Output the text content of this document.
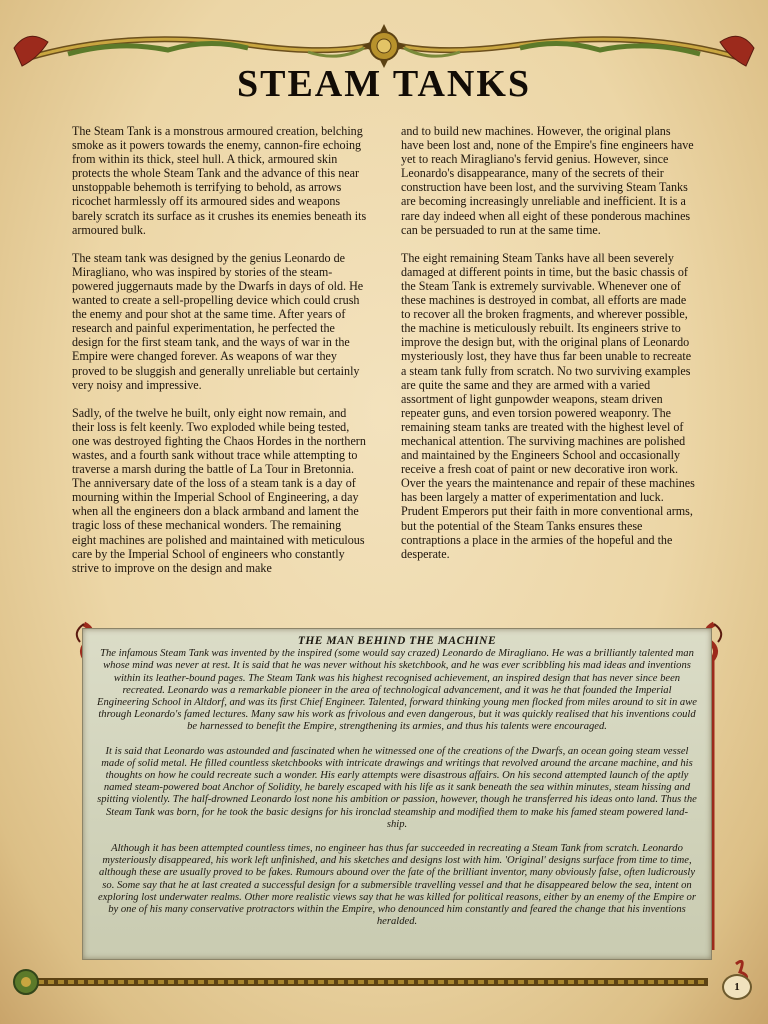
STEAM TANKS

The Steam Tank is a monstrous armoured creation, belching smoke as it powers towards the enemy, cannon-fire echoing from within its thick, steel hull. A thick, armoured skin protects the whole Steam Tank and the advance of this near unstoppable behemoth is terrifying to behold, as arrows ricochet harmlessly off its armoured sides and weapons barely scratch its surface as it crushes its enemies beneath its armoured bulk.

The steam tank was designed by the genius Leonardo de Miragliano, who was inspired by stories of the steam-powered juggernauts made by the Dwarfs in days of old. He wanted to create a sell-propelling device which could crush the enemy and pour shot at the same time. After years of research and painful experimentation, he perfected the design for the first steam tank, and the ways of war in the Empire were changed forever. As weapons of war they proved to be sluggish and generally unreliable but certainly very noisy and impressive.

Sadly, of the twelve he built, only eight now remain, and their loss is felt keenly. Two exploded while being tested, one was destroyed fighting the Chaos Hordes in the northern wastes, and a fourth sank without trace while attempting to traverse a marsh during the battle of La Tour in Bretonnia. The anniversary date of the loss of a steam tank is a day of mourning within the Imperial School of Engineering, a day when all the engineers don a black armband and lament the tragic loss of these mechanical wonders. The remaining eight machines are polished and maintained with meticulous care by the Imperial School of engineers who constantly strive to improve on the design and make

and to build new machines. However, the original plans have been lost and, none of the Empire's fine engineers have yet to reach Miragliano's fervid genius. However, since Leonardo's disappearance, many of the secrets of their construction have been lost, and the surviving Steam Tanks are becoming increasingly unreliable and inefficient. It is a rare day indeed when all eight of these ponderous machines can be persuaded to run at the same time.

The eight remaining Steam Tanks have all been severely damaged at different points in time, but the basic chassis of the Steam Tank is extremely survivable. Whenever one of these machines is destroyed in combat, all efforts are made to recover all the broken fragments, and wherever possible, the machine is meticulously rebuilt. Its engineers strive to improve the design but, with the original plans of Leonardo mysteriously lost, they have thus far been unable to recreate a steam tank fully from scratch. No two surviving examples are quite the same and they are armed with a varied assortment of light gunpowder weapons, steam driven repeater guns, and even torsion powered weaponry. The remaining steam tanks are treated with the highest level of mechanical attention. The surviving machines are polished and maintained by the Engineers School and occasionally receive a fresh coat of paint or new decorative iron work. Over the years the maintenance and repair of these machines has been largely a matter of experimentation and luck. Prudent Emperors put their faith in more conventional arms, but the potential of the Steam Tanks ensures these contraptions a place in the armies of the hopeful and the desperate.

THE MAN BEHIND THE MACHINE

The infamous Steam Tank was invented by the inspired (some would say crazed) Leonardo de Miragliano. He was a brilliantly talented man whose mind was never at rest. It is said that he was never without his sketchbook, and he was ever scribbling his mad ideas and inventions within its leather-bound pages. The Steam Tank was his highest recognised achievement, an inspired design that has never since been recreated. Leonardo was a remarkable pioneer in the area of technological advancement, and it was he that founded the Imperial Engineering School in Altdorf, and was its first Chief Engineer. Talented, forward thinking young men flocked from miles around to sit in awe through Leonardo's famed lectures. Many saw his work as frivolous and even dangerous, but it was quickly realised that his inventions could be harnessed to benefit the Empire, strengthening its armies, and thus his talents were encouraged.

It is said that Leonardo was astounded and fascinated when he witnessed one of the creations of the Dwarfs, an ocean going steam vessel made of solid metal. He filled countless sketchbooks with intricate drawings and writings that revolved around the arcane machine, and his thoughts on how he could recreate such a wonder. His early attempts were disastrous affairs. On his second attempted launch of the aptly named steam-powered boat Anchor of Solidity, he barely escaped with his life as it sank beneath the sea within minutes, steam hissing and spitting violently. The half-drowned Leonardo lost none his ambition or passion, however, though he transferred his ideas onto land. Thus the Steam Tank was born, for he took the basic designs for his ironclad steamship and modified them to make his famed steam powered land-ship.

Although it has been attempted countless times, no engineer has thus far succeeded in recreating a Steam Tank from scratch. Leonardo mysteriously disappeared, his work left unfinished, and his sketches and designs lost with him. 'Original' designs surface from time to time, although these are usually proved to be fakes. Rumours abound over the fate of the brilliant inventor, many obviously false, often ludicrously so. Some say that he at last created a successful design for a submersible travelling vessel and that he disappeared below the sea, intent on exploring lost underwater realms. Other more realistic views say that he was killed for political reasons, either by an enemy of the Empire or by one of his many conservative protractors within the Empire, who denounced him constantly and feared the change that his inventions heralded.

1
